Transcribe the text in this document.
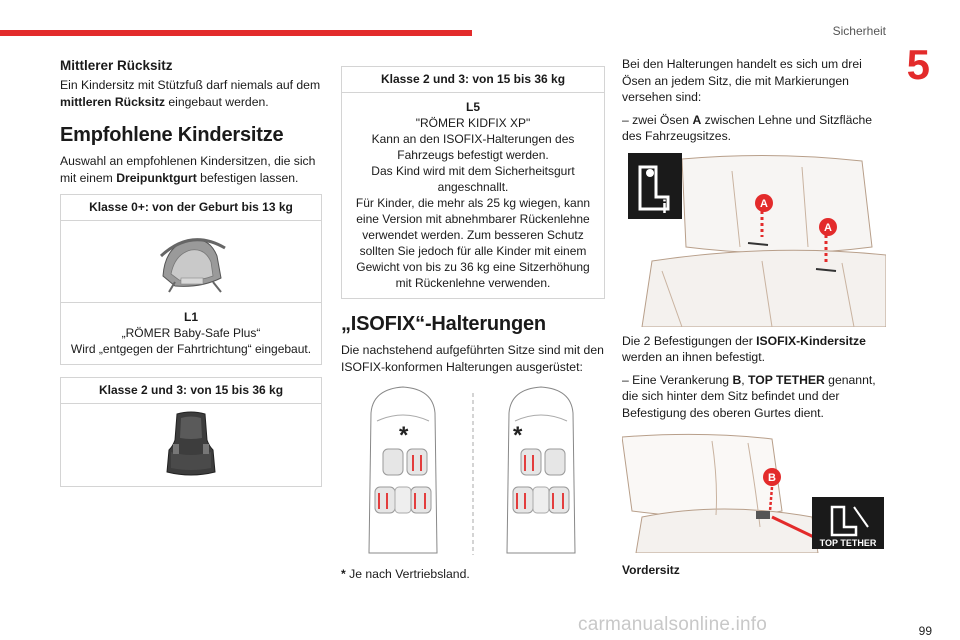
Sicherheit
5
Mittlerer Rücksitz

Ein Kindersitz mit Stützfuß darf niemals auf dem mittleren Rücksitz eingebaut werden.

Empfohlene Kindersitze

Auswahl an empfohlenen Kindersitzen, die sich mit einem Dreipunktgurt befestigen lassen.

Klasse 0+: von der Geburt bis 13 kg
L1
„RÖMER Baby-Safe Plus“
Wird „entgegen der Fahrtrichtung“ eingebaut.
Klasse 2 und 3: von 15 bis 36 kg
Klasse 2 und 3: von 15 bis 36 kg
L5
"RÖMER KIDFIX XP"
Kann an den ISOFIX-Halterungen des Fahrzeugs befestigt werden.
Das Kind wird mit dem Sicherheitsgurt angeschnallt.
Für Kinder, die mehr als 25 kg wiegen, kann eine Version mit abnehmbarer Rückenlehne verwendet werden. Zum besseren Schutz sollten Sie jedoch für alle Kinder mit einem Gewicht von bis zu 36 kg eine Sitzerhöhung mit Rückenlehne verwenden.
„ISOFIX“-Halterungen

Die nachstehend aufgeführten Sitze sind mit den ISOFIX-konformen Halterungen ausgerüstet:

*	*

* Je nach Vertriebsland.

Bei den Halterungen handelt es sich um drei Ösen an jedem Sitz, die mit Markierungen versehen sind:

– zwei Ösen A zwischen Lehne und Sitzfläche des Fahrzeugsitzes.

i	A
A

Die 2 Befestigungen der ISOFIX-Kindersitze werden an ihnen befestigt.

– Eine Verankerung B, TOP TETHER genannt, die sich hinter dem Sitz befindet und der Befestigung des oberen Gurtes dient.

B
TOP TETHER

Vordersitz

99
carmanualsonline.info
